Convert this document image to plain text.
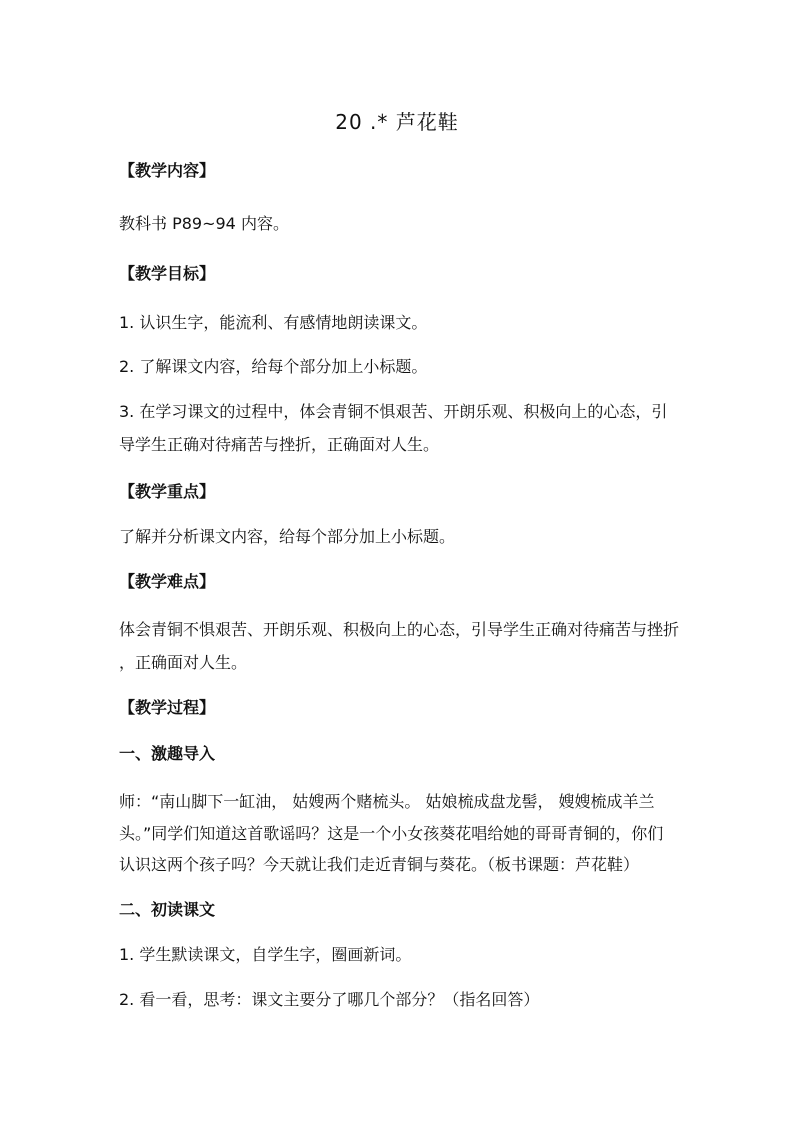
20 .* 芦花鞋
【教学内容】
教科书 P89~94 内容。
【教学目标】
1. 认识生字，能流利、有感情地朗读课文。
2. 了解课文内容，给每个部分加上小标题。
3. 在学习课文的过程中，体会青铜不惧艰苦、开朗乐观、积极向上的心态，引
导学生正确对待痛苦与挫折，正确面对人生。
【教学重点】
了解并分析课文内容，给每个部分加上小标题。
【教学难点】
体会青铜不惧艰苦、开朗乐观、积极向上的心态，引导学生正确对待痛苦与挫折
，正确面对人生。
【教学过程】
一、激趣导入
师：“南山脚下一缸油， 姑嫂两个赌梳头。 姑娘梳成盘龙髻， 嫂嫂梳成羊兰
头。”同学们知道这首歌谣吗？这是一个小女孩葵花唱给她的哥哥青铜的，你们
认识这两个孩子吗？今天就让我们走近青铜与葵花。（板书课题：芦花鞋）
二、初读课文
1. 学生默读课文，自学生字，圈画新词。
2. 看一看，思考：课文主要分了哪几个部分？（指名回答）
